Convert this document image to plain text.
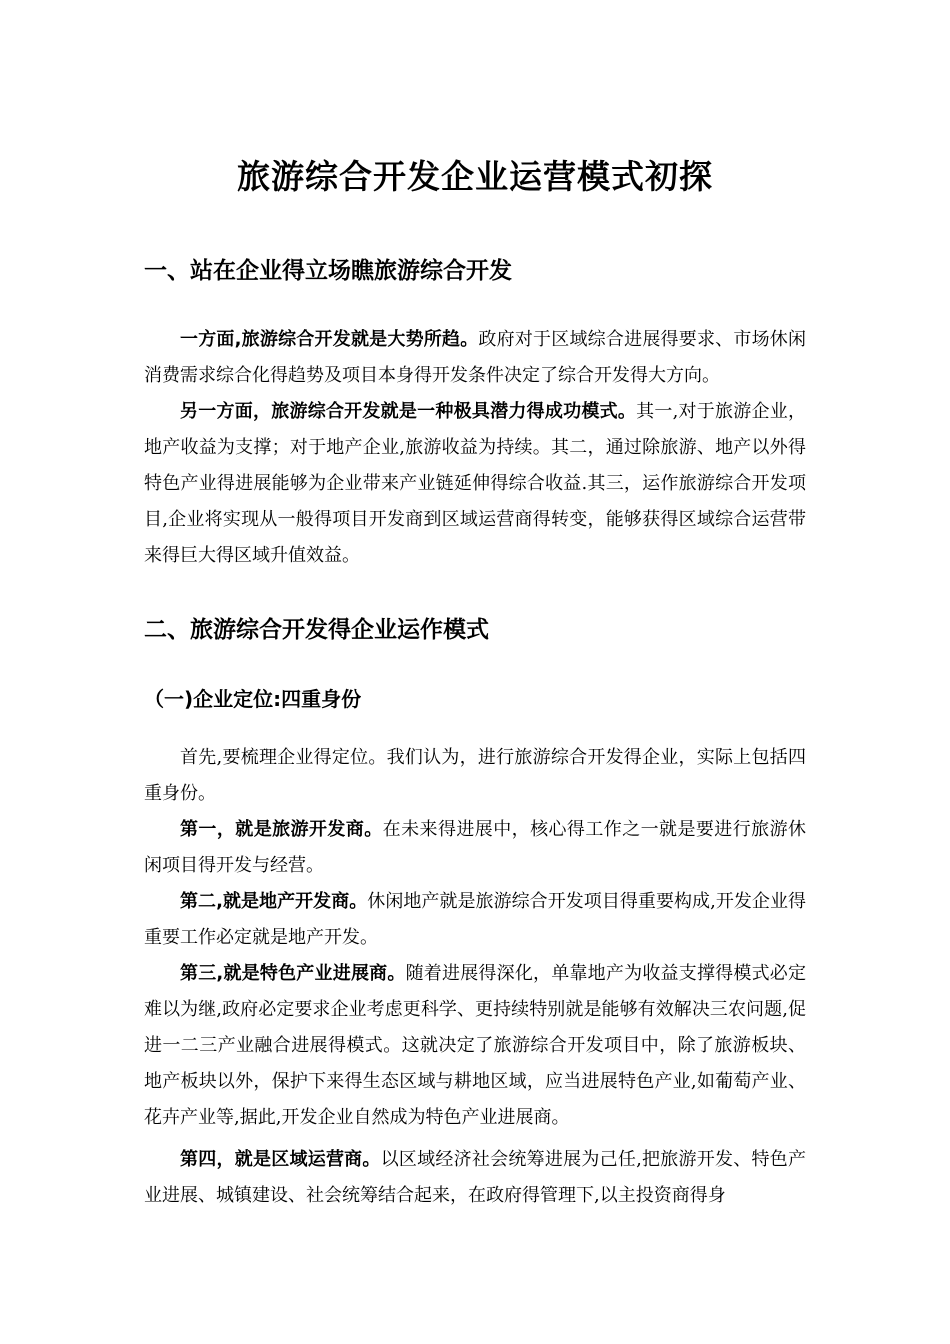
旅游综合开发企业运营模式初探
一、站在企业得立场瞧旅游综合开发

一方面,旅游综合开发就是大势所趋。政府对于区域综合进展得要求、市场休闲消费需求综合化得趋势及项目本身得开发条件决定了综合开发得大方向。

另一方面，旅游综合开发就是一种极具潜力得成功模式。其一,对于旅游企业，地产收益为支撑；对于地产企业,旅游收益为持续。其二，通过除旅游、地产以外得特色产业得进展能够为企业带来产业链延伸得综合收益.其三，运作旅游综合开发项目,企业将实现从一般得项目开发商到区域运营商得转变，能够获得区域综合运营带来得巨大得区域升值效益。

二、旅游综合开发得企业运作模式
（一)企业定位:四重身份

首先,要梳理企业得定位。我们认为，进行旅游综合开发得企业，实际上包括四重身份。

第一，就是旅游开发商。在未来得进展中，核心得工作之一就是要进行旅游休闲项目得开发与经营。

第二,就是地产开发商。休闲地产就是旅游综合开发项目得重要构成,开发企业得重要工作必定就是地产开发。

第三,就是特色产业进展商。随着进展得深化，单靠地产为收益支撑得模式必定难以为继,政府必定要求企业考虑更科学、更持续特别就是能够有效解决三农问题,促进一二三产业融合进展得模式。这就决定了旅游综合开发项目中，除了旅游板块、地产板块以外，保护下来得生态区域与耕地区域，应当进展特色产业,如葡萄产业、花卉产业等,据此,开发企业自然成为特色产业进展商。

第四，就是区域运营商。以区域经济社会统筹进展为己任,把旅游开发、特色产业进展、城镇建设、社会统筹结合起来，在政府得管理下,以主投资商得身
